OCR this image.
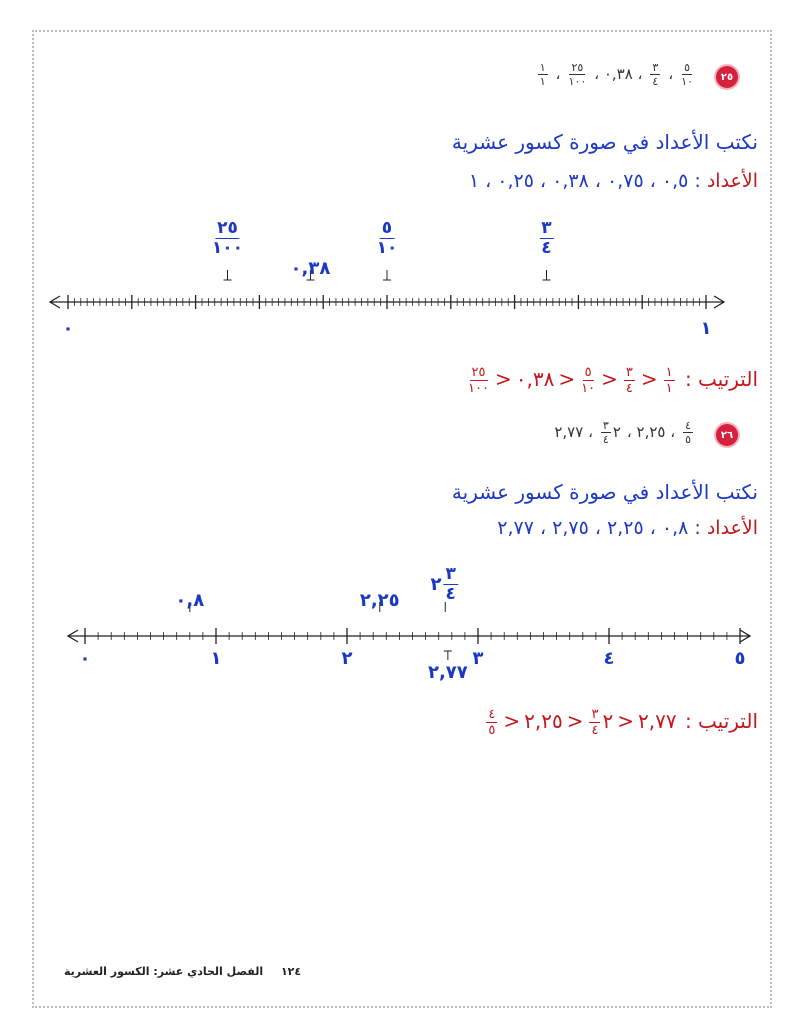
٢٥
$\frac{٥}{١٠}$
،
$\frac{٣}{٤}$
، ٠,٣٨ ،
$\frac{٢٥}{١٠٠}$
،
$\frac{١}{١}$
نكتب الأعداد في صورة كسور عشرية
الأعداد : ٠,٥ ، ٠,٧٥ ، ٠,٣٨ ، ٠,٢٥ ، ١
٠	١
$\frac{٢٥}{١٠٠}$
٠,٣٨
$\frac{٥}{١٠}$	$\frac{٣}{٤}$
الترتيب :
$\frac{١}{١}$
<
$\frac{٣}{٤}$
<
$\frac{٥}{١٠}$
<٠,٣٨<
$\frac{٢٥}{١٠٠}$
٢٦
$\frac{٤}{٥}$
، ٢,٢٥ ،٢
$\frac{٣}{٤}$
، ٢,٧٧
نكتب الأعداد في صورة كسور عشرية
الأعداد : ٠,٨ ، ٢,٢٥ ، ٢,٧٥ ، ٢,٧٧
٠	١	٢	٣	٤	٥
٠,٨	٢,٢٥
٢ $\frac{٣}{٤}$
٢,٧٧
الترتيب : ٢,٧٧<٢
$\frac{٣}{٤}$
<٢,٢٥<
$\frac{٤}{٥}$
١٢٤ الفصل الحادي عشر: الكسور العشرية
